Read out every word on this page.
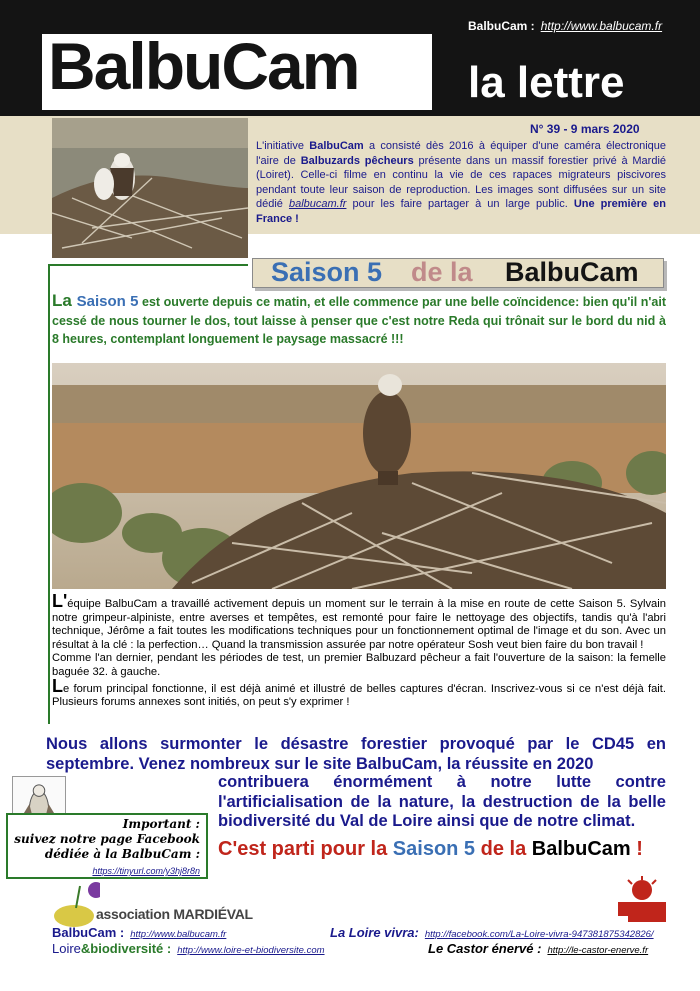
BalbuCam : http://www.balbucam.fr
BalbuCam la lettre
N° 39 - 9 mars 2020
L'initiative BalbuCam a consisté dès 2016 à équiper d'une caméra électronique l'aire de Balbuzards pêcheurs présente dans un massif forestier privé à Mardié (Loiret). Celle-ci filme en continu la vie de ces rapaces migrateurs piscivores pendant toute leur saison de reproduction. Les images sont diffusées sur un site dédié balbucam.fr pour les faire partager à un large public. Une première en France !
Saison 5 de la BalbuCam
La Saison 5 est ouverte depuis ce matin, et elle commence par une belle coïncidence: bien qu'il n'ait cessé de nous tourner le dos, tout laisse à penser que c'est notre Reda qui trônait sur le bord du nid à 8 heures, contemplant longuement le paysage massacré !!!
L'équipe BalbuCam a travaillé activement depuis un moment sur le terrain à la mise en route de cette Saison 5. Sylvain notre grimpeur-alpiniste, entre averses et tempêtes, est remonté pour faire le nettoyage des objectifs, tandis qu'à l'abri technique, Jérôme a fait toutes les modifications techniques pour un fonctionnement optimal de l'image et du son. Avec un résultat à la clé : la perfection… Quand la transmission assurée par notre opérateur Sosh veut bien faire du bon travail !
Comme l'an dernier, pendant les périodes de test, un premier Balbuzard pêcheur a fait l'ouverture de la saison: la femelle baguée 32. à gauche.
Le forum principal fonctionne, il est déjà animé et illustré de belles captures d'écran. Inscrivez-vous si ce n'est déjà fait. Plusieurs forums annexes sont initiés, on peut s'y exprimer !
Nous allons surmonter le désastre forestier provoqué par le CD45 en septembre. Venez nombreux sur le site BalbuCam, la réussite en 2020
contribuera énormément à notre lutte contre l'artificialisation de la nature, la destruction de la belle biodiversité du Val de Loire ainsi que de notre climat.
C'est parti pour la Saison 5 de la BalbuCam !
Important :
suivez notre page Facebook
dédiée à la BalbuCam :
https://tinyurl.com/y3hj8r8n
association MARDIÉVAL
BalbuCam : http://www.balbucam.fr
Loire&biodiversité : http://www.loire-et-biodiversite.com
La Loire vivra: http://facebook.com/La-Loire-vivra-947381875342826/
Le Castor énervé : http://le-castor-enerve.fr
